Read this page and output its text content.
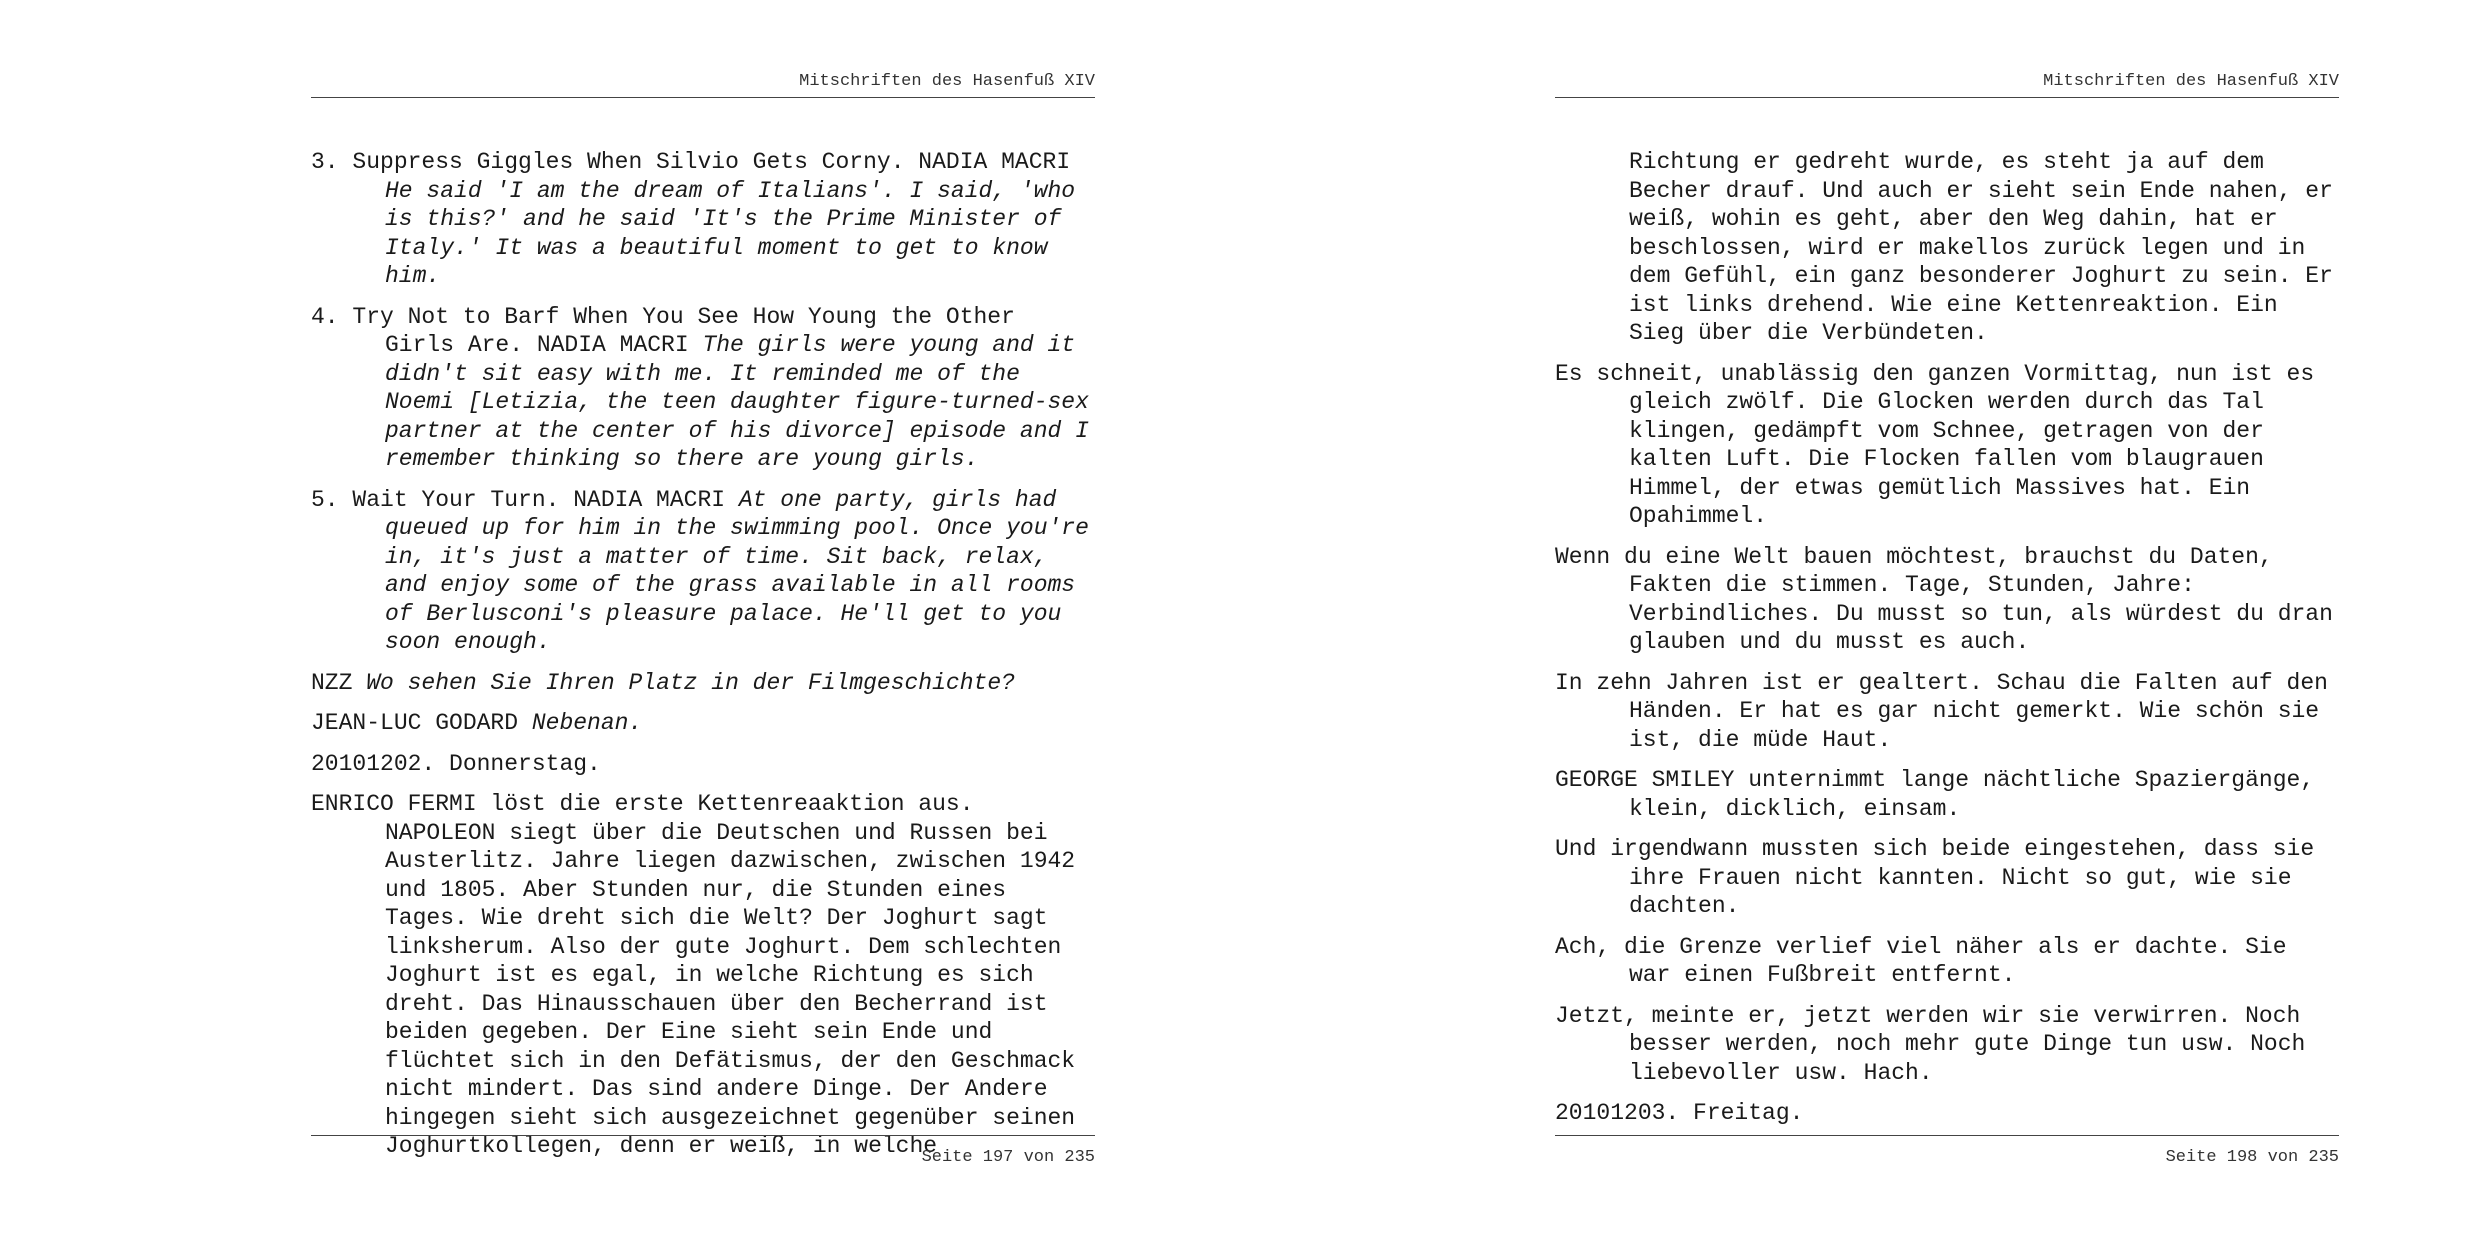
Mitschriften des Hasenfuß XIV

3. Suppress Giggles When Silvio Gets Corny. NADIA MACRI He said 'I am the dream of Italians'. I said, 'who is this?' and he said 'It's the Prime Minister of Italy.' It was a beautiful moment to get to know him.

4. Try Not to Barf When You See How Young the Other Girls Are. NADIA MACRI The girls were young and it didn't sit easy with me. It reminded me of the Noemi [Letizia, the teen daughter figure-turned-sex partner at the center of his divorce] episode and I remember thinking so there are young girls.

5. Wait Your Turn. NADIA MACRI At one party, girls had queued up for him in the swimming pool. Once you're in, it's just a matter of time. Sit back, relax, and enjoy some of the grass available in all rooms of Berlusconi's pleasure palace. He'll get to you soon enough.

NZZ Wo sehen Sie Ihren Platz in der Filmgeschichte?

JEAN-LUC GODARD Nebenan.

20101202. Donnerstag.

ENRICO FERMI löst die erste Kettenreaaktion aus. NAPOLEON siegt über die Deutschen und Russen bei Austerlitz. Jahre liegen dazwischen, zwischen 1942 und 1805. Aber Stunden nur, die Stunden eines Tages. Wie dreht sich die Welt? Der Joghurt sagt linksherum. Also der gute Joghurt. Dem schlechten Joghurt ist es egal, in welche Richtung es sich dreht. Das Hinausschauen über den Becherrand ist beiden gegeben. Der Eine sieht sein Ende und flüchtet sich in den Defätismus, der den Geschmack nicht mindert. Das sind andere Dinge. Der Andere hingegen sieht sich ausgezeichnet gegenüber seinen Joghurtkollegen, denn er weiß, in welche

Seite 197 von 235
Mitschriften des Hasenfuß XIV

Richtung er gedreht wurde, es steht ja auf dem Becher drauf. Und auch er sieht sein Ende nahen, er weiß, wohin es geht, aber den Weg dahin, hat er beschlossen, wird er makellos zurück legen und in dem Gefühl, ein ganz besonderer Joghurt zu sein. Er ist links drehend. Wie eine Kettenreaktion. Ein Sieg über die Verbündeten.

Es schneit, unablässig den ganzen Vormittag, nun ist es gleich zwölf. Die Glocken werden durch das Tal klingen, gedämpft vom Schnee, getragen von der kalten Luft. Die Flocken fallen vom blaugrauen Himmel, der etwas gemütlich Massives hat. Ein Opahimmel.

Wenn du eine Welt bauen möchtest, brauchst du Daten, Fakten die stimmen. Tage, Stunden, Jahre: Verbindliches. Du musst so tun, als würdest du dran glauben und du musst es auch.

In zehn Jahren ist er gealtert. Schau die Falten auf den Händen. Er hat es gar nicht gemerkt. Wie schön sie ist, die müde Haut.

GEORGE SMILEY unternimmt lange nächtliche Spaziergänge, klein, dicklich, einsam.

Und irgendwann mussten sich beide eingestehen, dass sie ihre Frauen nicht kannten. Nicht so gut, wie sie dachten.

Ach, die Grenze verlief viel näher als er dachte. Sie war einen Fußbreit entfernt.

Jetzt, meinte er, jetzt werden wir sie verwirren. Noch besser werden, noch mehr gute Dinge tun usw. Noch liebevoller usw. Hach.

20101203. Freitag.

Seite 198 von 235
